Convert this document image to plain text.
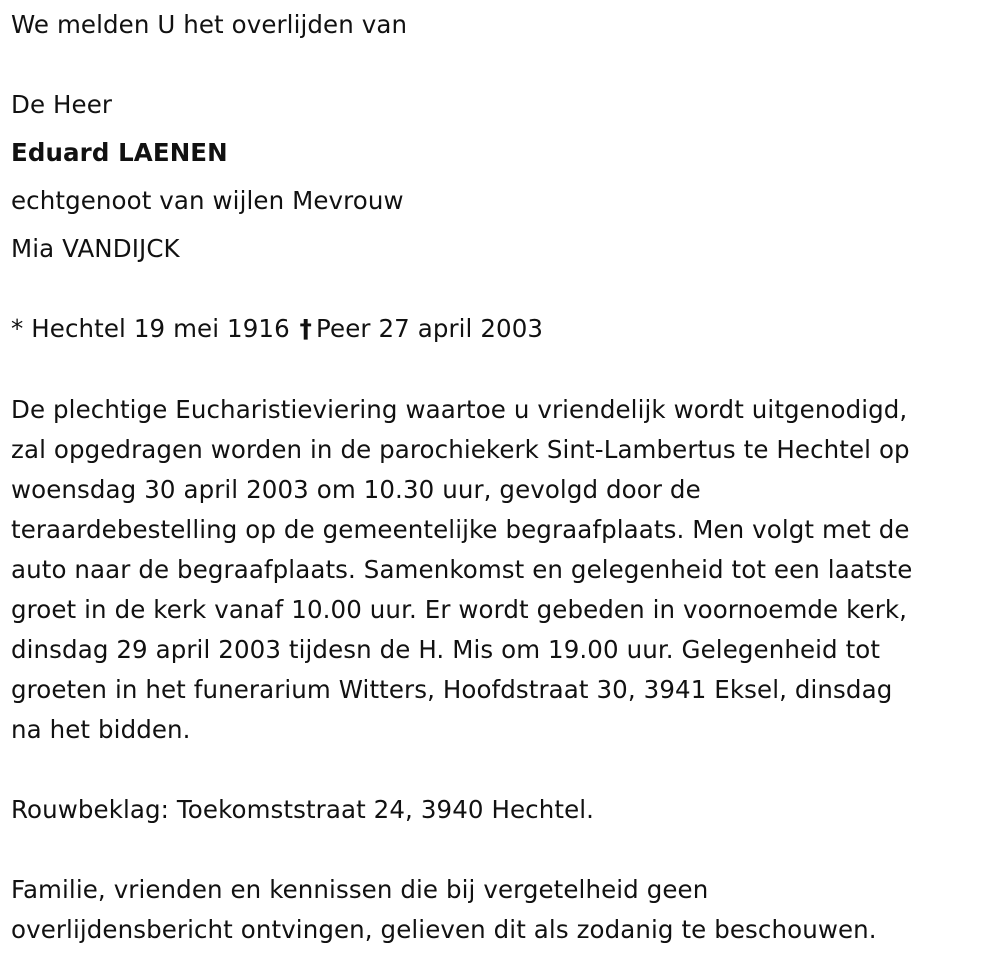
We melden U het overlijden van
De Heer
Eduard LAENEN
echtgenoot van wijlen Mevrouw
Mia VANDIJCK
* Hechtel 19 mei 1916 † Peer 27 april 2003
De plechtige Eucharistieviering waartoe u vriendelijk wordt uitgenodigd,
zal opgedragen worden in de parochiekerk Sint-Lambertus te Hechtel op
woensdag 30 april 2003 om 10.30 uur, gevolgd door de
teraardebestelling op de gemeentelijke begraafplaats. Men volgt met de
auto naar de begraafplaats. Samenkomst en gelegenheid tot een laatste
groet in de kerk vanaf 10.00 uur. Er wordt gebeden in voornoemde kerk,
dinsdag 29 april 2003 tijdesn de H. Mis om 19.00 uur. Gelegenheid tot
groeten in het funerarium Witters, Hoofdstraat 30, 3941 Eksel, dinsdag
na het bidden.
Rouwbeklag: Toekomststraat 24, 3940 Hechtel.
Familie, vrienden en kennissen die bij vergetelheid geen
overlijdensbericht ontvingen, gelieven dit als zodanig te beschouwen.
